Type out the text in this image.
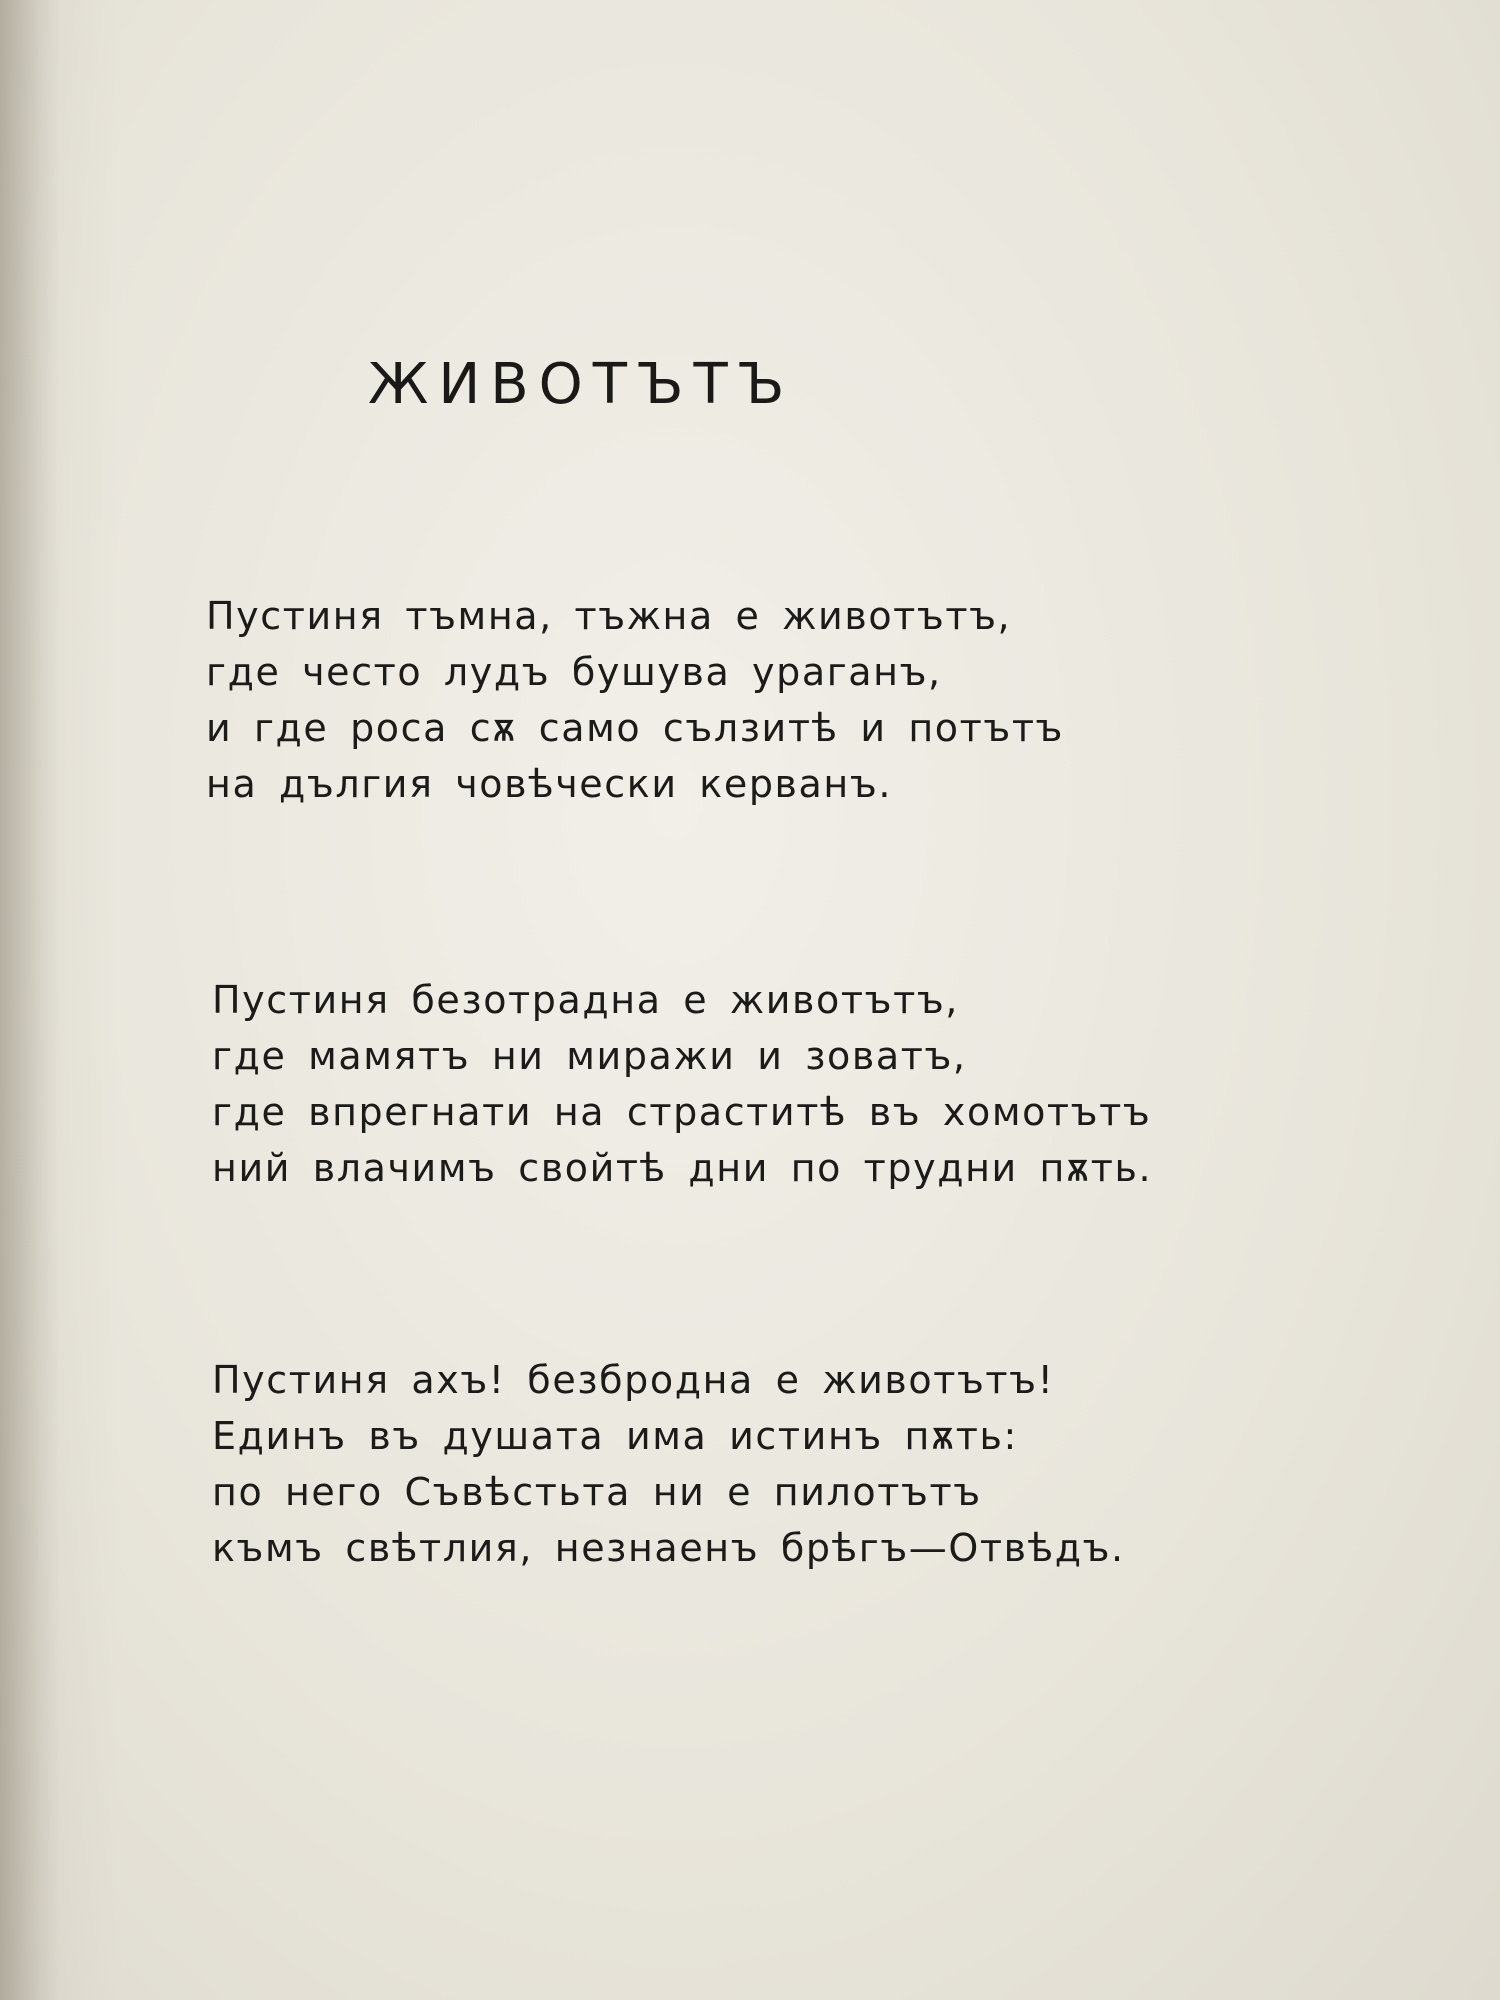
ЖИВОТЪТЪ
Пустиня тъмна, тъжна е животътъ,
где често лудъ бушува ураганъ,
и где роса сѫ само сълзитѣ и потътъ
на дългия човѣчески керванъ.
Пустиня безотрадна е животътъ,
где мамятъ ни миражи и зоватъ,
где впрегнати на страститѣ въ хомотътъ
ний влачимъ свойтѣ дни по трудни пѫть.
Пустиня ахъ! безбродна е животътъ!
Единъ въ душата има истинъ пѫть:
по него Съвѣстьта ни е пилотътъ
къмъ свѣтлия, незнаенъ брѣгъ—Отвѣдъ.
